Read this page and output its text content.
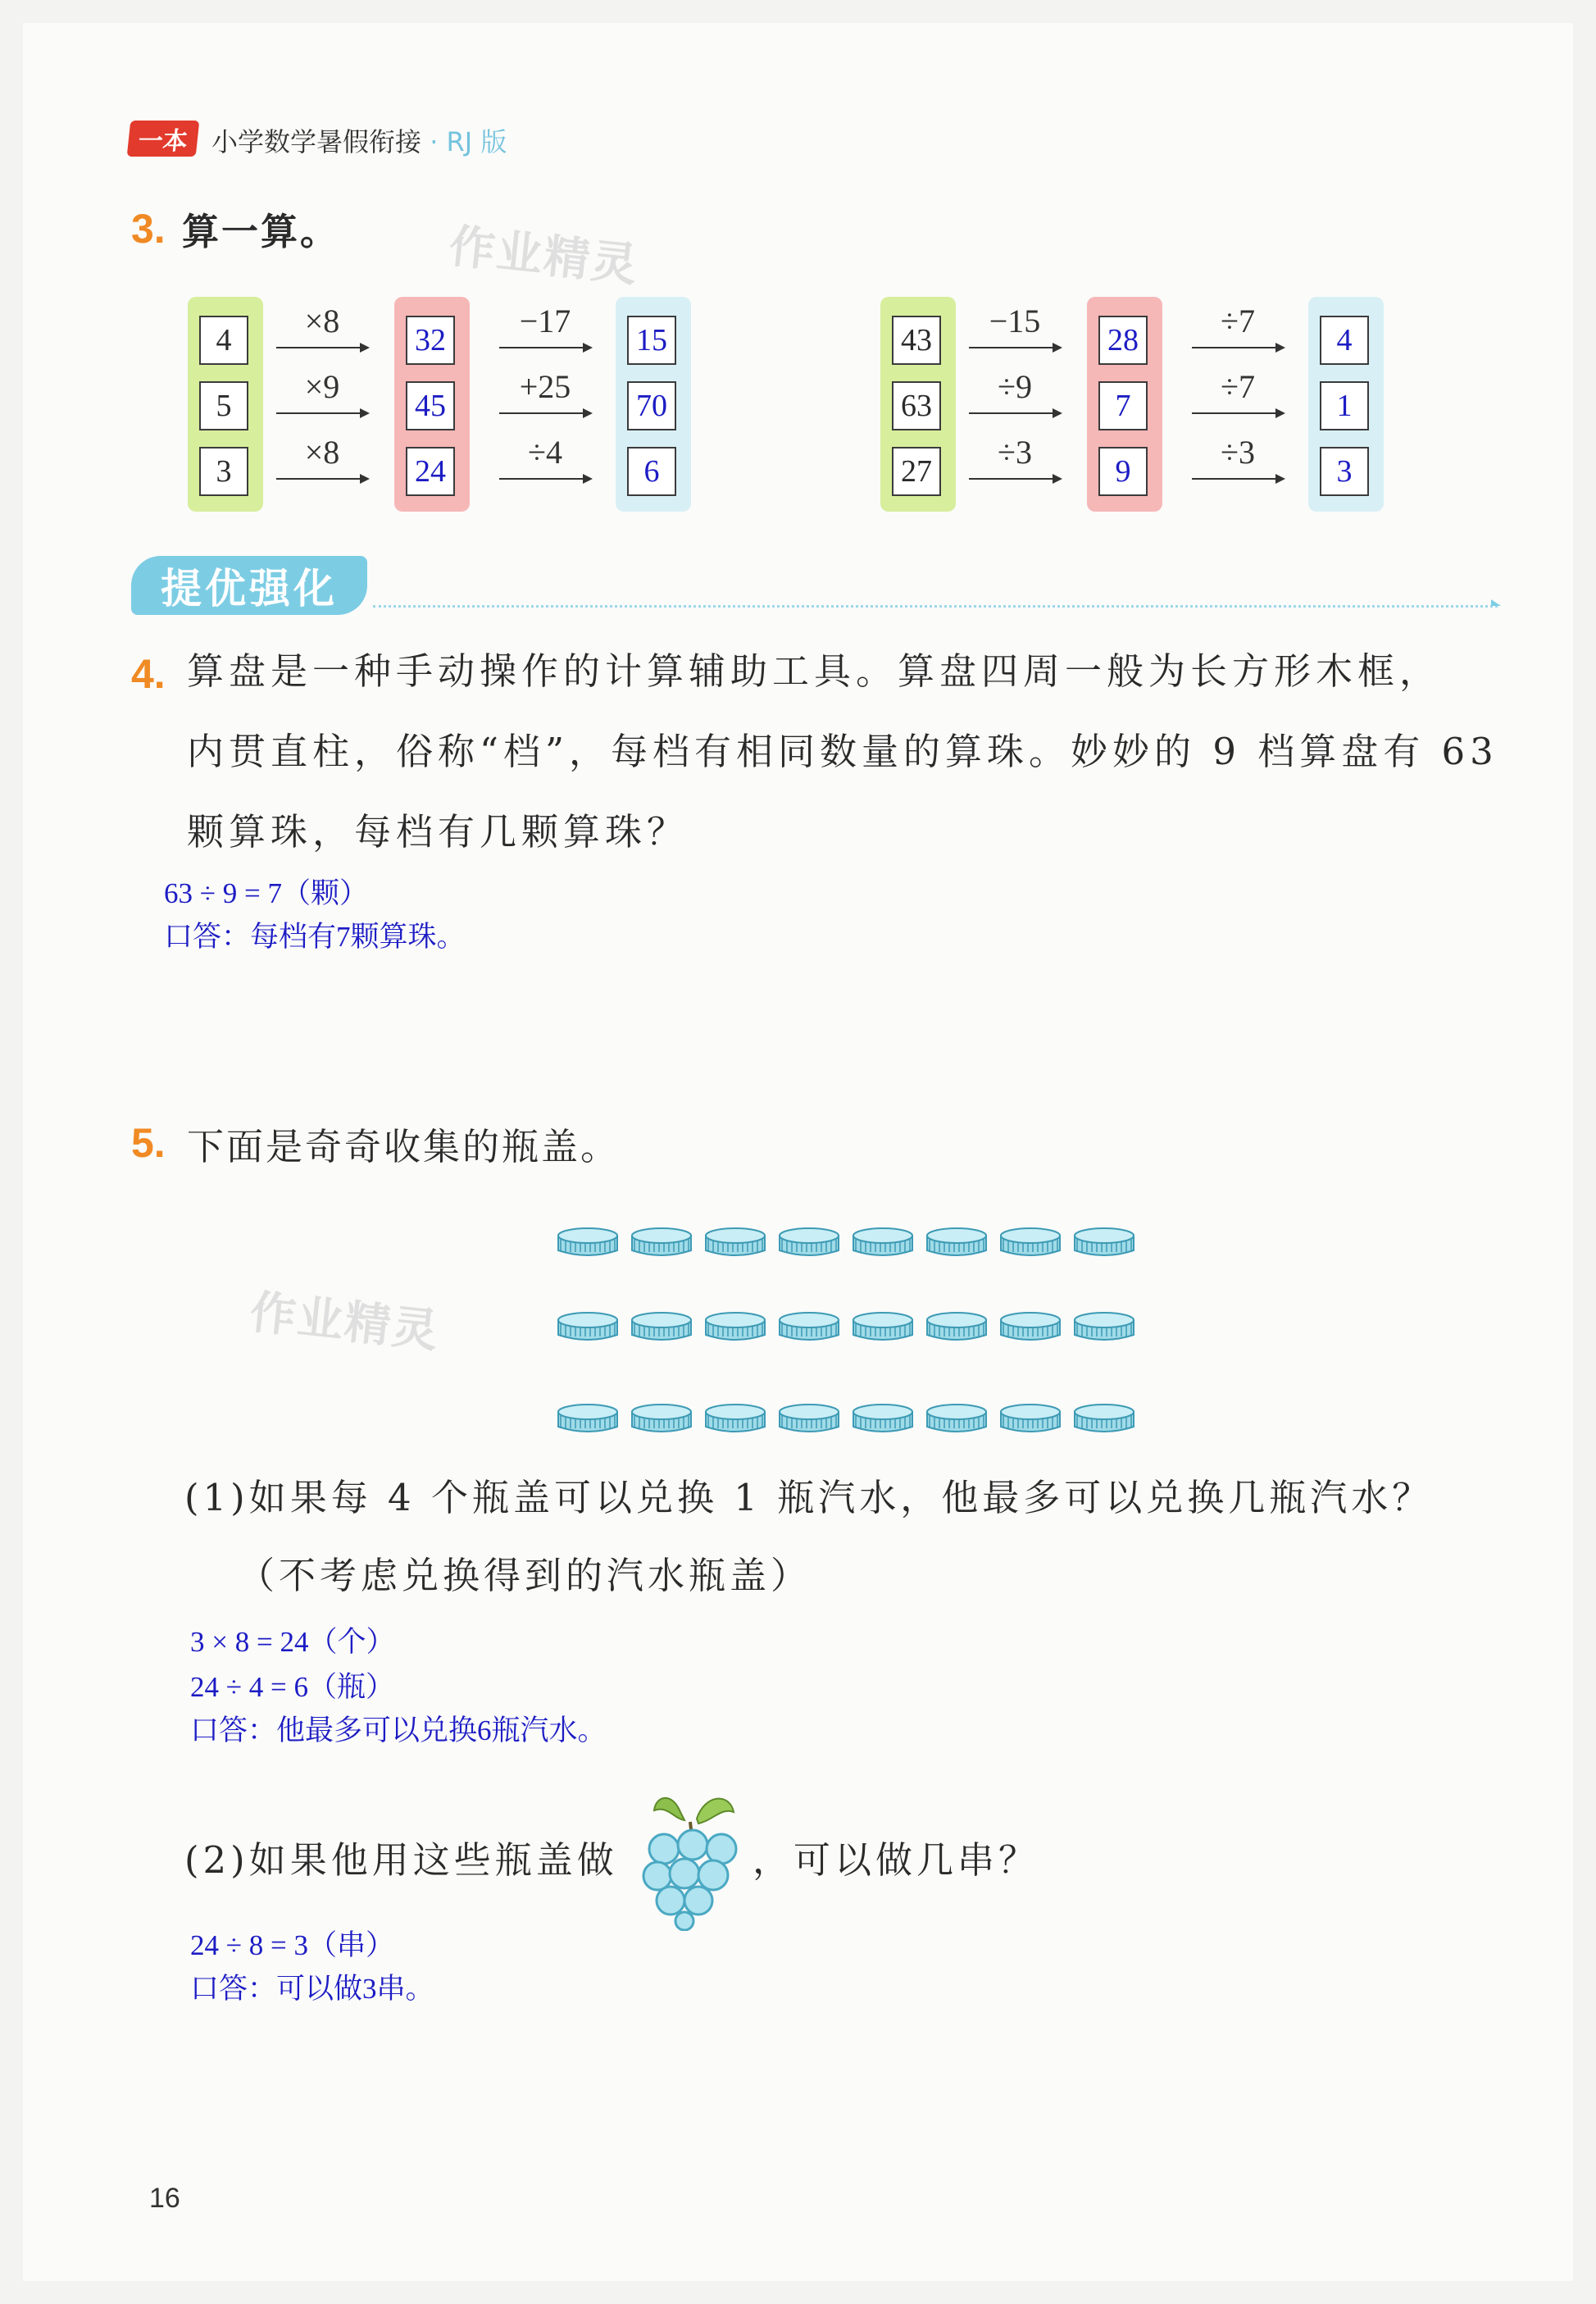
一本 小学数学暑假衔接 · RJ 版
3. 算一算。 作业精灵
4
5
3
32
45
24
15
70
6
×8
×9
×8
−17
+25
÷4
43
63
27
28
7
9
4
1
3
−15
÷9
÷3
÷7
÷7
÷3
提优强化
4. 算盘是一种手动操作的计算辅助工具。算盘四周一般为长方形木框，
内贯直柱，俗称“档”，每档有相同数量的算珠。妙妙的 9 档算盘有 63
颗算珠，每档有几颗算珠？
63 ÷ 9 = 7（颗）
口答：每档有7颗算珠。
5. 下面是奇奇收集的瓶盖。
作业精灵
(1)如果每 4 个瓶盖可以兑换 1 瓶汽水，他最多可以兑换几瓶汽水？
（不考虑兑换得到的汽水瓶盖）
3 × 8 = 24（个）
24 ÷ 4 = 6（瓶）
口答：他最多可以兑换6瓶汽水。
(2)如果他用这些瓶盖做	，可以做几串？
24 ÷ 8 = 3（串）
口答：可以做3串。
16
